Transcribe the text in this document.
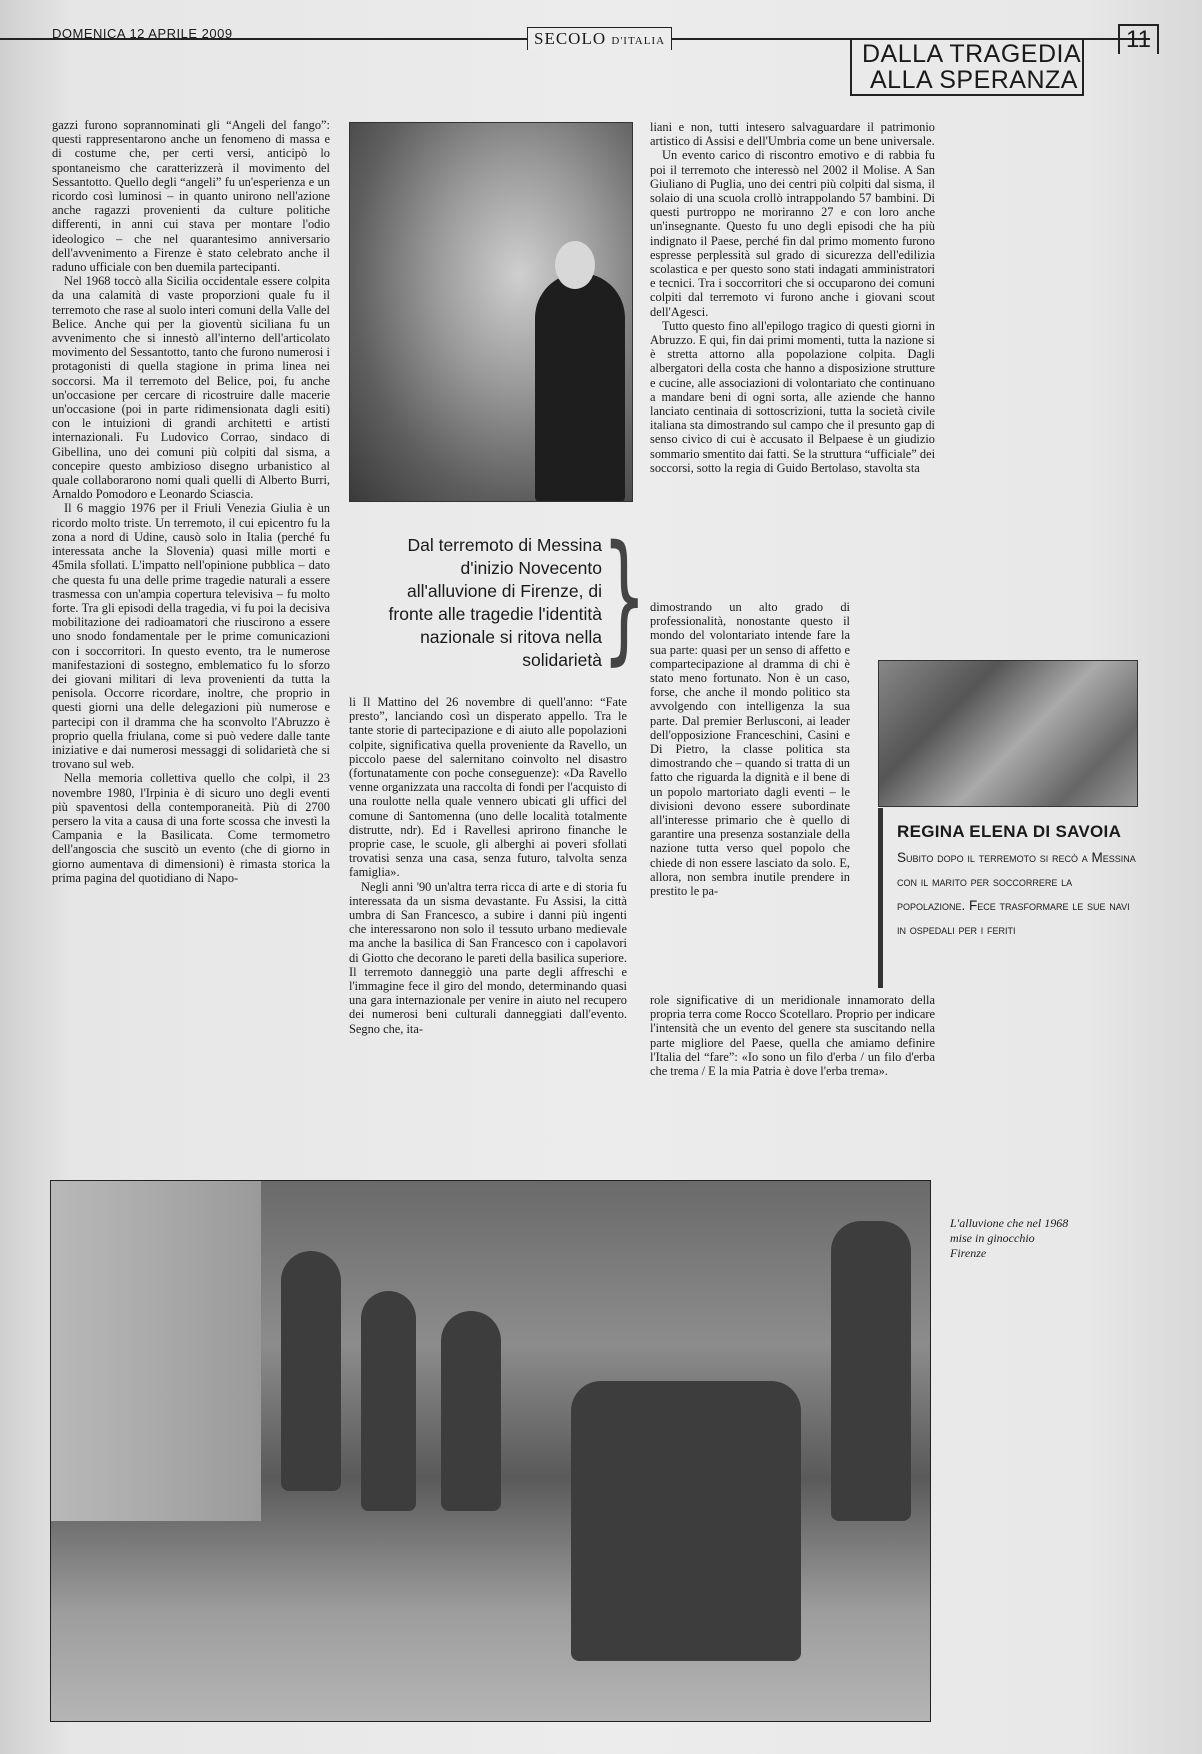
DOMENICA 12 APRILE 2009	SECOLO D'ITALIA	DALLA TRAGEDIA
ALLA SPERANZA
11

gazzi furono soprannominati gli “Angeli del fango”: questi rappresentarono anche un fenomeno di massa e di costume che, per certi versi, anticipò lo spontaneismo che caratterizzerà il movimento del Sessantotto. Quello degli “angeli” fu un'esperienza e un ricordo così luminosi – in quanto unirono nell'azione anche ragazzi provenienti da culture politiche differenti, in anni cui stava per montare l'odio ideologico – che nel quarantesimo anniversario dell'avvenimento a Firenze è stato celebrato anche il raduno ufficiale con ben duemila partecipanti.

Nel 1968 toccò alla Sicilia occidentale essere colpita da una calamità di vaste proporzioni quale fu il terremoto che rase al suolo interi comuni della Valle del Belice. Anche qui per la gioventù siciliana fu un avvenimento che si innestò all'interno dell'articolato movimento del Sessantotto, tanto che furono numerosi i protagonisti di quella stagione in prima linea nei soccorsi. Ma il terremoto del Belice, poi, fu anche un'occasione per cercare di ricostruire dalle macerie un'occasione (poi in parte ridimensionata dagli esiti) con le intuizioni di grandi architetti e artisti internazionali. Fu Ludovico Corrao, sindaco di Gibellina, uno dei comuni più colpiti dal sisma, a concepire questo ambizioso disegno urbanistico al quale collaborarono nomi quali quelli di Alberto Burri, Arnaldo Pomodoro e Leonardo Sciascia.

Il 6 maggio 1976 per il Friuli Venezia Giulia è un ricordo molto triste. Un terremoto, il cui epicentro fu la zona a nord di Udine, causò solo in Italia (perché fu interessata anche la Slovenia) quasi mille morti e 45mila sfollati. L'impatto nell'opinione pubblica – dato che questa fu una delle prime tragedie naturali a essere trasmessa con un'ampia copertura televisiva – fu molto forte. Tra gli episodi della tragedia, vi fu poi la decisiva mobilitazione dei radioamatori che riuscirono a essere uno snodo fondamentale per le prime comunicazioni con i soccorritori. In questo evento, tra le numerose manifestazioni di sostegno, emblematico fu lo sforzo dei giovani militari di leva provenienti da tutta la penisola. Occorre ricordare, inoltre, che proprio in questi giorni una delle delegazioni più numerose e partecipi con il dramma che ha sconvolto l'Abruzzo è proprio quella friulana, come si può vedere dalle tante iniziative e dai numerosi messaggi di solidarietà che si trovano sul web.

Nella memoria collettiva quello che colpì, il 23 novembre 1980, l'Irpinia è di sicuro uno degli eventi più spaventosi della contemporaneità. Più di 2700 persero la vita a causa di una forte scossa che investì la Campania e la Basilicata. Come termometro dell'angoscia che suscitò un evento (che di giorno in giorno aumentava di dimensioni) è rimasta storica la prima pagina del quotidiano di Napo-

Dal terremoto di Messina d'inizio Novecento all'alluvione di Firenze, di fronte alle tragedie l'identità nazionale si ritova nella solidarietà }

li Il Mattino del 26 novembre di quell'anno: “Fate presto”, lanciando così un disperato appello. Tra le tante storie di partecipazione e di aiuto alle popolazioni colpite, significativa quella proveniente da Ravello, un piccolo paese del salernitano coinvolto nel disastro (fortunatamente con poche conseguenze): «Da Ravello venne organizzata una raccolta di fondi per l'acquisto di una roulotte nella quale vennero ubicati gli uffici del comune di Santomenna (uno delle località totalmente distrutte, ndr). Ed i Ravellesi aprirono finanche le proprie case, le scuole, gli alberghi ai poveri sfollati trovatisi senza una casa, senza futuro, talvolta senza famiglia».

Negli anni '90 un'altra terra ricca di arte e di storia fu interessata da un sisma devastante. Fu Assisi, la città umbra di San Francesco, a subire i danni più ingenti che interessarono non solo il tessuto urbano medievale ma anche la basilica di San Francesco con i capolavori di Giotto che decorano le pareti della basilica superiore. Il terremoto danneggiò una parte degli affreschi e l'immagine fece il giro del mondo, determinando quasi una gara internazionale per venire in aiuto nel recupero dei numerosi beni culturali danneggiati dall'evento. Segno che, ita-

liani e non, tutti intesero salvaguardare il patrimonio artistico di Assisi e dell'Umbria come un bene universale.

Un evento carico di riscontro emotivo e di rabbia fu poi il terremoto che interessò nel 2002 il Molise. A San Giuliano di Puglia, uno dei centri più colpiti dal sisma, il solaio di una scuola crollò intrappolando 57 bambini. Di questi purtroppo ne moriranno 27 e con loro anche un'insegnante. Questo fu uno degli episodi che ha più indignato il Paese, perché fin dal primo momento furono espresse perplessità sul grado di sicurezza dell'edilizia scolastica e per questo sono stati indagati amministratori e tecnici. Tra i soccorritori che si occuparono dei comuni colpiti dal terremoto vi furono anche i giovani scout dell'Agesci.

Tutto questo fino all'epilogo tragico di questi giorni in Abruzzo. E qui, fin dai primi momenti, tutta la nazione si è stretta attorno alla popolazione colpita. Dagli albergatori della costa che hanno a disposizione strutture e cucine, alle associazioni di volontariato che continuano a mandare beni di ogni sorta, alle aziende che hanno lanciato centinaia di sottoscrizioni, tutta la società civile italiana sta dimostrando sul campo che il presunto gap di senso civico di cui è accusato il Belpaese è un giudizio sommario smentito dai fatti. Se la struttura “ufficiale” dei soccorsi, sotto la regia di Guido Bertolaso, stavolta sta

dimostrando un alto grado di professionalità, nonostante questo il mondo del volontariato intende fare la sua parte: quasi per un senso di affetto e compartecipazione al dramma di chi è stato meno fortunato. Non è un caso, forse, che anche il mondo politico sta avvolgendo con intelligenza la sua parte. Dal premier Berlusconi, ai leader dell'opposizione Franceschini, Casini e Di Pietro, la classe politica sta dimostrando che – quando si tratta di un fatto che riguarda la dignità e il bene di un popolo martoriato dagli eventi – le divisioni devono essere subordinate all'interesse primario che è quello di garantire una presenza sostanziale della nazione tutta verso quel popolo che chiede di non essere lasciato da solo. E, allora, non sembra inutile prendere in prestito le pa-

role significative di un meridionale innamorato della propria terra come Rocco Scotellaro. Proprio per indicare l'intensità che un evento del genere sta suscitando nella parte migliore del Paese, quella che amiamo definire l'Italia del “fare”: «Io sono un filo d'erba / un filo d'erba che trema / E la mia Patria è dove l'erba trema».

REGINA ELENA DI SAVOIA
Subito dopo il terremoto si recò a Messina con il marito per soccorrere la popolazione. Fece trasformare le sue navi in ospedali per i feriti
L'alluvione che nel 1968 mise in ginocchio Firenze
